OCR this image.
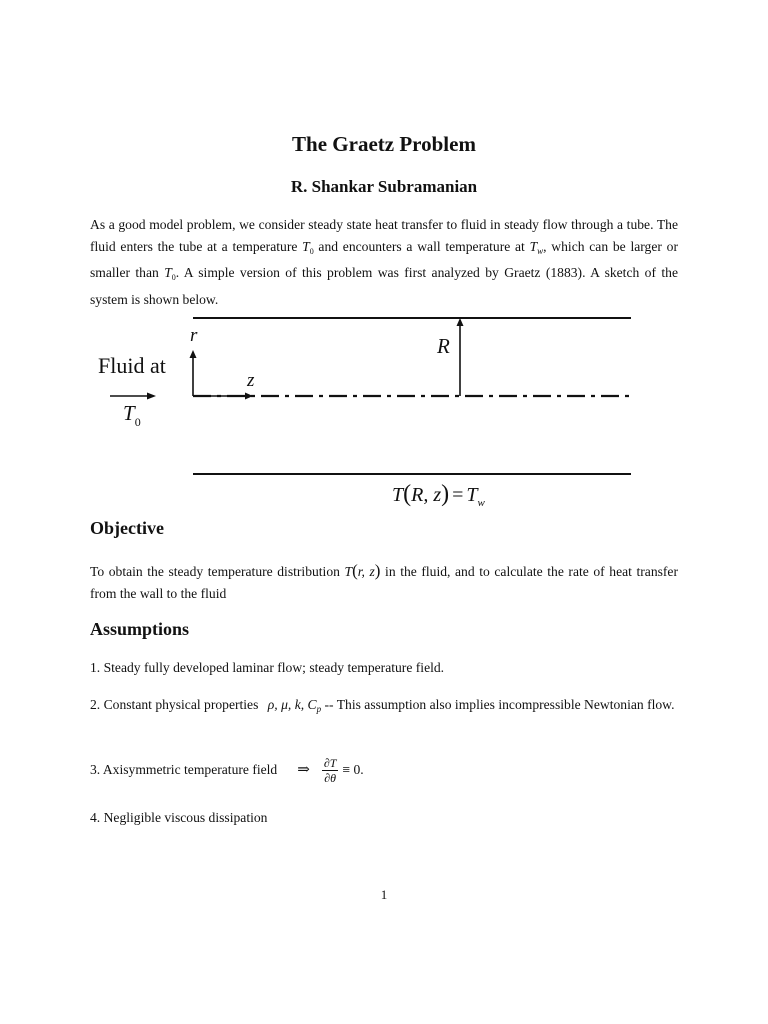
The Graetz Problem
R. Shankar Subramanian

As a good model problem, we consider steady state heat transfer to fluid in steady flow through a tube. The fluid enters the tube at a temperature $T_0$ and encounters a wall temperature at $T_w$, which can be larger or smaller than $T_0$. A simple version of this problem was first analyzed by Graetz (1883). A sketch of the system is shown below.

Fluid at
$T_0$
r
z
R
T(R, $z) = T_w$
Objective

To obtain the steady temperature distribution T(r, z) in the fluid, and to calculate the rate of heat transfer from the wall to the fluid

Assumptions

1. Steady fully developed laminar flow; steady temperature field.

2. Constant physical properties ρ, μ, k, $C_p$ -- This assumption also implies incompressible Newtonian flow.

3. Axisymmetric temperature field ⇒ $\frac{\partial T}{\partial\theta} \equiv 0$.

4. Negligible viscous dissipation

1
